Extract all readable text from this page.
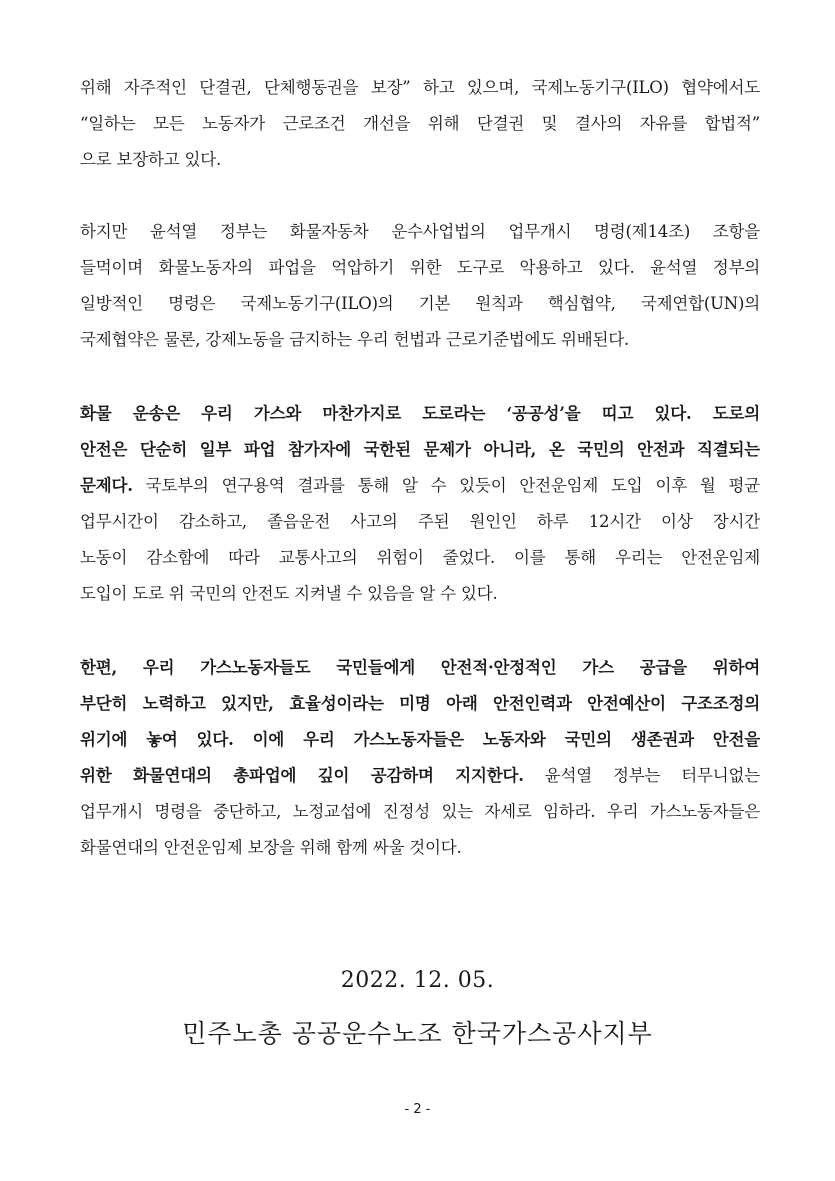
위해 자주적인 단결권, 단체행동권을 보장” 하고 있으며, 국제노동기구(ILO) 협약에서도
“일하는 모든 노동자가 근로조건 개선을 위해 단결권 및 결사의 자유를 합법적”
으로 보장하고 있다.
하지만 윤석열 정부는 화물자동차 운수사업법의 업무개시 명령(제14조) 조항을
들먹이며 화물노동자의 파업을 억압하기 위한 도구로 악용하고 있다. 윤석열 정부의
일방적인 명령은 국제노동기구(ILO)의 기본 원칙과 핵심협약, 국제연합(UN)의
국제협약은 물론, 강제노동을 금지하는 우리 헌법과 근로기준법에도 위배된다.
화물 운송은 우리 가스와 마찬가지로 도로라는 ‘공공성’을 띠고 있다. 도로의
안전은 단순히 일부 파업 참가자에 국한된 문제가 아니라, 온 국민의 안전과 직결되는
문제다. 국토부의 연구용역 결과를 통해 알 수 있듯이 안전운임제 도입 이후 월 평균
업무시간이 감소하고, 졸음운전 사고의 주된 원인인 하루 12시간 이상 장시간
노동이 감소함에 따라 교통사고의 위험이 줄었다. 이를 통해 우리는 안전운임제
도입이 도로 위 국민의 안전도 지켜낼 수 있음을 알 수 있다.
한편, 우리 가스노동자들도 국민들에게 안전적·안정적인 가스 공급을 위하여
부단히 노력하고 있지만, 효율성이라는 미명 아래 안전인력과 안전예산이 구조조정의
위기에 놓여 있다. 이에 우리 가스노동자들은 노동자와 국민의 생존권과 안전을
위한 화물연대의 총파업에 깊이 공감하며 지지한다. 윤석열 정부는 터무니없는
업무개시 명령을 중단하고, 노정교섭에 진정성 있는 자세로 임하라. 우리 가스노동자들은
화물연대의 안전운임제 보장을 위해 함께 싸울 것이다.
2022. 12. 05.
민주노총 공공운수노조 한국가스공사지부
- 2 -
